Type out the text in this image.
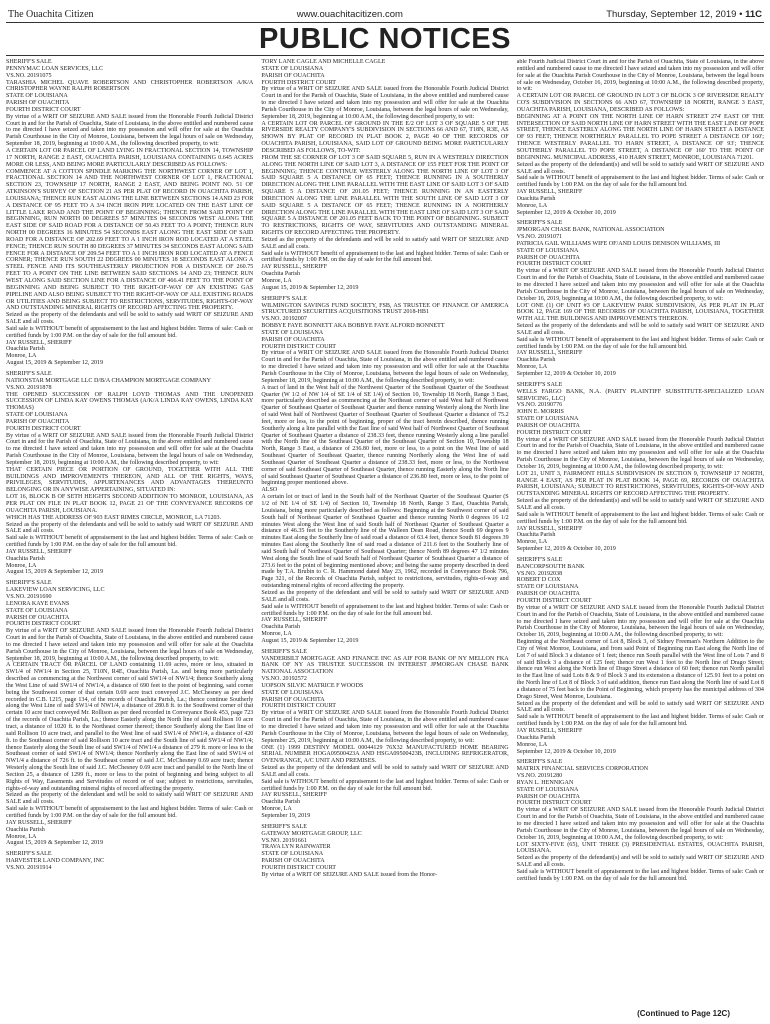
The Ouachita Citizen	www.ouachitacitizen.com	Thursday, September 12, 2019 • 11C
PUBLIC NOTICES

SHERIFF'S SALE

PENNYMAC LOAN SERVICES, LLC

VS.NO. 20191075

TARASHIA MICHEL QUAVE ROBERTSON AND CHRISTOPHER ROBERTSON A/K/A CHRISTOPHER WAYNE RALPH ROBERTSON

STATE OF LOUISIANA

PARISH OF OUACHITA

FOURTH DISTRICT COURT

By virtue of a WRIT OF SEIZURE AND SALE issued from the Honorable Fourth Judicial District Court in and for the Parish of Ouachita, State of Louisiana, in the above entitled and numbered cause to me directed I have seized and taken into my possession and will offer for sale at the Ouachita Parish Courthouse in the City of Monroe, Louisiana, between the legal hours of sale on Wednesday, September 18, 2019, beginning at 10:00 A.M., the following described property, to wit:

A CERTAIN LOT OR PARCEL OF LAND LYING IN FRACTIONAL SECTION 14, TOWNSHIP 17 NORTH, RANGE 2 EAST, OUACHITA PARISH, LOUISIANA CONTAINING 0.645 ACRES MORE OR LESS, AND BEING MORE PARTICULARLY DESCRIBED AS FOLLOWS:

COMMENCE AT A COTTON SPINDLE MARKING THE NORTHWEST CORNER OF LOT 1, FRACTIONAL SECTION 14 AND THE NORTHWEST CORNER OF LOT 1, FRACTIONAL SECTION 23, TOWNSHIP 17 NORTH, RANGE 2 EAST, AND BEING POINT NO. 51 OF ATKINSON'S SURVEY OF SECTION 21 AS PER PLAT OF RECORD IN OUACHITA PARISH, LOUISIANA; THENCE RUN EAST ALONG THE LINE BETWEEN SECTIONS 14 AND 23 FOR A DISTANCE OF 95 FEET TO A 3/4 INCH IRON PIPE LOCATED ON THE EAST LINE OF LITTLE LAKE ROAD AND THE POINT OF BEGINNING; THENCE FROM SAID POINT OF BEGINNING, RUN NORTH 00 DEGREES 57 MINUTES 04 SECONDS WEST ALONG THE EAST SIDE OF SAID ROAD FOR A DISTANCE OF 50.43 FEET TO A POINT; THENCE RUN NORTH 00 DEGREES 16 MINUTES 54 SECONDS EAST ALONG THE EAST SIDE OF SAID ROAD FOR A DISTANCE OF 202.69 FEET TO A 1 INCH IRON ROD LOCATED AT A STEEL FENCE; THENCE RUN SOUTH 80 DEGREES 37 MINUTES 34 SECONDS EAST ALONG SAID FENCE FOR A DISTANCE OF 209.54 FEET TO A 1 INCH IRON ROD LOCATED AT A FENCE CORNER; THENCE RUN SOUTH 22 DEGREES 00 MINUTES 18 SECONDS EAST ALONG A STEEL FENCE AND ITS SOUTHEASTERLY PROJECTION FOR A DISTANCE OF 260.75 FEET TO A POINT ON THE LINE BETWEEN SAID SECTIONS 14 AND 23; THENCE RUN WEST ALONG SAID SECTION LINE FOR A DISTANCE OF 466.41 FEET TO THE POINT OF BEGINNING AND BEING SUBJECT TO THE RIGHT-OF-WAY OF AN EXISTING GAS PIPELINE AND ALSO BEING SUBJECT TO THE RIGHT-OF-WAY OF ALL EXISTING ROADS OR UTILITIES AND BEING SUBJECT TO RESTRICTIONS, SERVITUDES, RIGHTS-OF-WAY AND OUTSTANDING MINERAL RIGHTS OF RECORD AFFECTING THE PROPERTY.

Seized as the property of the defendants and will be sold to satisfy said WRIT OF SEIZURE AND SALE and all costs.

Said sale is WITHOUT benefit of appraisement to the last and highest bidder. Terms of sale: Cash or certified funds by 1:00 P.M. on the day of sale for the full amount bid.

JAY RUSSELL, SHERIFF

Ouachita Parish

Monroe, LA

August 15, 2019 & September 12, 2019

SHERIFF'S SALE

NATIONSTAR MORTGAGE LLC D/B/A CHAMPION MORTGAGE COMPANY

VS.NO. 20191878

THE OPENED SUCCESSION OF RALPH LOYD THOMAS AND THE UNOPENED SUCCESSION OF LINDA KAY OWENS THOMAS (A/K/A LINDA KAY OWENS, LINDA KAY THOMAS)

STATE OF LOUISIANA

PARISH OF OUACHITA

FOURTH DISTRICT COURT

By virtue of a WRIT OF SEIZURE AND SALE issued from the Honorable Fourth Judicial District Court in and for the Parish of Ouachita, State of Louisiana, in the above entitled and numbered cause to me directed I have seized and taken into my possession and will offer for sale at the Ouachita Parish Courthouse in the City of Monroe, Louisiana, between the legal hours of sale on Wednesday, September 18, 2019, beginning at 10:00 A.M., the following described property, to wit:

THAT CERTAIN PIECE OR PORTION OF GROUND, TOGETHER WITH ALL THE BUILDINGS AND IMPROVEMENTS THEREON, AND ALL OF THE RIGHTS, WAYS, PRIVILEGES, SERVITUDES, APPURTENANCES AND ADVANTAGES THEREUNTO BELONGING OR IN ANYWISE APPERTAINING, SITUATED IN:

LOT 16, BLOCK B OF SETH HEIGHTS SECOND ADDITION TO MONROE, LOUISIANA, AS PER PLAT ON FILE IN PLAT BOOK 12, PAGE 21 OF THE CONVEYANCE RECORDS OF OUACHITA PARISH, LOUISIANA.

WHICH HAS THE ADDRESS OF 903 EAST RIMES CIRCLE, MONROE, LA 71203.

Seized as the property of the defendants and will be sold to satisfy said WRIT OF SEIZURE AND SALE and all costs.

Said sale is WITHOUT benefit of appraisement to the last and highest bidder. Terms of sale: Cash or certified funds by 1:00 P.M. on the day of sale for the full amount bid.

JAY RUSSELL, SHERIFF

Ouachita Parish

Monroe, LA

August 15, 2019 & September 12, 2019

SHERIFF'S SALE

LAKEVIEW LOAN SERVICING, LLC

VS.NO. 20191690

LENORA KAYE EVANS

STATE OF LOUISIANA

PARISH OF OUACHITA

FOURTH DISTRICT COURT

By virtue of a WRIT OF SEIZURE AND SALE issued from the Honorable Fourth Judicial District Court in and for the Parish of Ouachita, State of Louisiana, in the above entitled and numbered cause to me directed I have seized and taken into my possession and will offer for sale at the Ouachita Parish Courthouse in the City of Monroe, Louisiana, between the legal hours of sale on Wednesday, September 18, 2019, beginning at 10:00 A.M., the following described property, to wit:

A CERTAIN TRACT OR PARCEL OF LAND containing 11.69 acres, more or less, situated in SW1/4 of NW1/4 in Section 25, T10N, R4E, Ouachita Parish, La. and being more particularly described as commencing at the Northwest corner of said SW1/4 of NW1/4; thence Southerly along the West Line of said SW1/4 of NW1/4, a distance of 690 feet to the point of beginning, said corner being the Southwest corner of that certain 0.69 acre tract conveyed J.C. McChesney as per deed recorded in C.B. 1215, page 134, of the records of Ouachita Parish, La.; thence continue Southerly along the West Line of said SW1/4 of NW1/4, a distance of 280.8 ft. to the Southwest corner of that certain 10 acre tract conveyed Mr. Rollison as per deed recorded in Conveyance Book 453, page 723 of the records of Ouachita Parish, La.; thence Easterly along the North line of said Rollison 10 acre tract, a distance of 1020 ft. to the Northeast corner thereof; thence Southerly along the East line of said Rollison 10 acre tract, and parallel to the West line of said SW1/4 of NW1/4, a distance of 420 ft. to the Southeast corner of said Rollison 10 acre tract and the South line of said SW1/4 of NW1/4; thence Easterly along the South line of said SW1/4 of NW1/4 a distance of 279 ft. more or less to the Southeast corner of said SW1/4 of NW1/4; thence Northerly along the East line of said SW1/4 of NW1/4 a distance of 726 ft. to the Southeast corner of said J.C. McChesney 0.69 acre tract; thence Westerly along the South line of said J.C. McChesney 0.69 acre tract and parallel to the North line of Section 25, a distance of 1299 ft., more or less to the point of beginning and being subject to all Rights of Way, Easements and Servitudes of record or of use; subject to restrictions, servitudes, rights-of-way and outstanding mineral rights of record affecting the property.

Seized as the property of the defendant and will be sold to satisfy said WRIT OF SEIZURE AND SALE and all costs.

Said sale is WITHOUT benefit of appraisement to the last and highest bidder. Terms of sale: Cash or certified funds by 1:00 P.M. on the day of sale for the full amount bid.

JAY RUSSELL, SHERIFF

Ouachita Parish

Monroe, LA

August 15, 2019 & September 12, 2019

SHERIFF'S SALE

HARVESTER LAND COMPANY, INC

VS.NO. 20191914

TORY LANE CAGLE AND MICHELLE CAGLE

STATE OF LOUISIANA

PARISH OF OUACHITA

FOURTH DISTRICT COURT

By virtue of a WRIT OF SEIZURE AND SALE issued from the Honorable Fourth Judicial District Court in and for the Parish of Ouachita, State of Louisiana, in the above entitled and numbered cause to me directed I have seized and taken into my possession and will offer for sale at the Ouachita Parish Courthouse in the City of Monroe, Louisiana, between the legal hours of sale on Wednesday, September 18, 2019, beginning at 10:00 A.M., the following described property, to wit:

A CERTAIN LOT OR PARCEL OF GROUND IN THE E/2 OF LOT 3 OF SQUARE 5 OF THE RIVERSIDE REALTY COMPANY'S SUBDIVISION IN SECTIONS 66 AND 67, T18N, R3E, AS SHOWN BY PLAT OF RECORD IN PLAT BOOK 2, PAGE 40 OF THE RECORDS OF OUACHITA PARISH, LOUISIANA, SAID LOT OF GROUND BEING MORE PARTICULARLY DESCRIBED AS FOLLOWS, TO-WIT:

FROM THE SE CORNER OF LOT 3 OF SAID SQUARE 5, RUN IN A WESTERLY DIRECTION ALONG THE NORTH LINE OF SAID LOT 3, A DISTANCE OF 155 FEET FOR THE POINT OF BEGINNING; THENCE CONTINUE WESTERLY ALONG THE NORTH LINE OF LOT 3 OF SAID SQUARE 5 A DISTANCE OF 65 FEET; THENCE RUNNING IN A SOUTHERLY DIRECTION ALONG THE LINE PARALLEL WITH THE EAST LINE OF SAID LOT 3 OF SAID SQUARE 5 A DISTANCE OF 201.05 FEET; THENCE RUNNING IN AN EASTERLY DIRECTION ALONG THE LINE PARALLEL WITH THE SOUTH LINE OF SAID LOT 3 OF SAID SQUARE 5 A DISTANCE OF 65 FEET; THENCE RUNNING IN A NORTHERLY DIRECTION ALONG THE LINE PARALLEL WITH THE EAST LINE OF SAID LOT 3 OF SAID SQUARE 5 A DISTANCE OF 201.05 FEET BACK TO THE POINT OF BEGINNING. SUBJECT TO RESTRICTIONS, RIGHTS OF WAY, SERVITUDES AND OUTSTANDING MINERAL RIGHTS OF RECORD AFFECTING THE PROPERTY.

Seized as the property of the defendants and will be sold to satisfy said WRIT OF SEIZURE AND SALE and all costs.

Said sale is WITHOUT benefit of appraisement to the last and highest bidder. Terms of sale: Cash or certified funds by 1:00 P.M. on the day of sale for the full amount bid.

JAY RUSSELL, SHERIFF

Ouachita Parish

Monroe, LA

August 15, 2019 & September 12, 2019

SHERIFF'S SALE

WILMINGTON SAVINGS FUND SOCIETY, FSB, AS TRUSTEE OF FINANCE OF AMERICA STRUCTURED SECURITIES ACQUISITIONS TRUST 2018-HB1

VS.NO. 20192007

BOBBYE FAYE BONNETT AKA BOBBYE FAYE ALFORD BONNETT

STATE OF LOUISIANA

PARISH OF OUACHITA

FOURTH DISTRICT COURT

By virtue of a WRIT OF SEIZURE AND SALE issued from the Honorable Fourth Judicial District Court in and for the Parish of Ouachita, State of Louisiana, in the above entitled and numbered cause to me directed I have seized and taken into my possession and will offer for sale at the Ouachita Parish Courthouse in the City of Monroe, Louisiana, between the legal hours of sale on Wednesday, September 18, 2019, beginning at 10:00 A.M., the following described property, to wit:

A tract of land in the West half of the Northwest Quarter of the Southeast Quarter of the Southeast Quarter (W 1/2 of NW 1/4 of SE 1/4 of SE 1/4) of Section 10, Township 18 North, Range 3 East, more particularly described as commencing at the Northeast corner of said West half of Northwest Quarter of Southeast Quarter of Southeast Quarter and thence running Westerly along the North line of said West half of Northwest Quarter of Southeast Quarter of Southeast Quarter a distance of 75.2 feet, more or less, to the point of beginning, proper of the tract herein described, thence running Southerly along a line parallel with the East line of said West half of Northwest Quarter of Southeast Quarter of Southeast Quarter a distance of 238.33 feet, thence running Westerly along a line parallel with the North line of the Southeast Quarter of the Southeast Quarter of Section 10, Township 18 North, Range 3 East, a distance of 236.80 feet, more or less, to a point on the West line of said Southeast Quarter of Southeast Quarter, thence running Northerly along the West line of said Southeast Quarter of Southeast Quarter a distance of 238.33 feet, more or less, to the Northwest corner of said Southeast Quarter of Southeast Quarter, thence running Easterly along the North line of said Southeast Quarter of Southeast Quarter a distance of 236.80 feet, more or less, to the point of beginning proper mentioned above.

ALSO

A certain lot or tract of land in the South half of the Northeast Quarter of the Southeast Quarter (S 1/2 of NE 1/4 of SE 1/4) of Section 10, Township 18 North, Range 3 East, Ouachita Parish, Louisiana, being more particularly described as follows: Beginning at the Southwest corner of said South half of Northeast Quarter of Southeast Quarter and thence running North 0 degrees 16 1/2 minutes West along the West line of said South half of Northeast Quarter of Southeast Quarter a distance of 46.35 feet to the Southerly line of the Walleen Dean Road, thence South 69 degrees 9 minutes East along the Southerly line of said road a distance of 63.4 feet, thence South 81 degrees 39 minutes East along the Southerly line of said road a distance of 211.6 feet to the Southerly line of said South half of Northeast Quarter of Southeast Quarter; thence North 89 degrees 47 1/2 minutes West along the South line of said South half of Northeast Quarter of Southeast Quarter a distance of 273.6 feet to the point of beginning mentioned above; and being the same property described in deed made by T.A. Brubin to C. R. Hammond dated May 23, 1962, recorded in Conveyance Book 796, Page 321, of the Records of Ouachita Parish, subject to restrictions, servitudes, rights-of-way and outstanding mineral rights of record affecting the property.

Seized as the property of the defendant and will be sold to satisfy said WRIT OF SEIZURE AND SALE and all costs.

Said sale is WITHOUT benefit of appraisement to the last and highest bidder. Terms of sale: Cash or certified funds by 1:00 P.M. on the day of sale for the full amount bid.

JAY RUSSELL, SHERIFF

Ouachita Parish

Monroe, LA

August 15, 2019 & September 12, 2019

SHERIFF'S SALE

VANDERBILT MORTGAGE AND FINANCE INC AS AIF FOR BANK OF NY MELLON FKA BANK OF NY AS TRUSTEE SUCCESSOR IN INTEREST JPMORGAN CHASE BANK NATIONAL ASSOCIATION

VS.NO. 20192572

UOPSON SILVIC MATRICE F WOODS

STATE OF LOUISIANA

PARISH OF OUACHITA

FOURTH DISTRICT COURT

By virtue of a WRIT OF SEIZURE AND SALE issued from the Honorable Fourth Judicial District Court in and for the Parish of Ouachita, State of Louisiana, in the above entitled and numbered cause to me directed I have seized and taken into my possession and will offer for sale at the Ouachita Parish Courthouse in the City of Monroe, Louisiana, between the legal hours of sale on Wednesday, September 25, 2019, beginning at 10:00 A.M., the following described property, to wit:

ONE (1) 1999 DESTINY MODEL 00044129 76X32 MANUFACTURED HOME BEARING SERIAL NUMBER HOGA09500423A AND HSGA09500423B, INCLUDING REFRIGERATOR, OVEN/RANGE, A/C UNIT AND PREMISES.

Seized as the property of the defendant and will be sold to satisfy said WRIT OF SEIZURE AND SALE and all costs.

Said sale is WITHOUT benefit of appraisement to the last and highest bidder. Terms of sale: Cash or certified funds by 1:00 P.M. on the day of sale for the full amount bid.

JAY RUSSELL, SHERIFF

Ouachita Parish

Monroe, LA

September 19, 2019

SHERIFF'S SALE

GATEWAY MORTGAGE GROUP, LLC

VS.NO. 20191661

TRAVA LYN RAINWATER

STATE OF LOUISIANA

PARISH OF OUACHITA

FOURTH DISTRICT COURT

By virtue of a WRIT OF SEIZURE AND SALE issued from the Honor-

able Fourth Judicial District Court in and for the Parish of Ouachita, State of Louisiana, in the above entitled and numbered cause to me directed I have seized and taken into my possession and will offer for sale at the Ouachita Parish Courthouse in the City of Monroe, Louisiana, between the legal hours of sale on Wednesday, October 16, 2019, beginning at 10:00 A.M., the following described property, to wit:

A CERTAIN LOT OR PARCEL OF GROUND IN LOT 3 OF BLOCK 3 OF RIVERSIDE REALTY CO'S SUBDIVISION IN SECTIONS 66 AND 67, TOWNSHIP 18 NORTH, RANGE 3 EAST, OUACHITA PARISH, LOUISIANA, DESCRIBED AS FOLLOWS:

BEGINNING AT A POINT ON THE NORTH LINE OF HARN STREET 274' EAST OF THE INTERSECTION OF SAID NORTH LINE OF HARN STREET WITH THE EAST LINE OF POPE STREET, THENCE EASTERLY ALONG THE NORTH LINE OF HARN STREET A DISTANCE OF 93 FEET; THENCE NORTHERLY PARALLEL TO POPE STREET A DISTANCE OF 160'; THENCE WESTERLY PARALLEL TO HARN STREET, A DISTANCE OF 93'; THENCE SOUTHERLY PARALLEL TO POPE STREET, A DISTANCE OF 160' TO THE POINT OF BEGINNING. MUNICIPAL ADDRESS, 410 HARN STREET, MONROE, LOUISIANA 71201.

Seized as the property of the defendant(s) and will be sold to satisfy said WRIT OF SEIZURE AND SALE and all costs.

Said sale is WITHOUT benefit of appraisement to the last and highest bidder. Terms of sale: Cash or certified funds by 1:00 P.M. on the day of sale for the full amount bid.

JAY RUSSELL, SHERIFF

Ouachita Parish

Monroe, LA

September 12, 2019 & October 10, 2019

SHERIFF'S SALE

JPMORGAN CHASE BANK, NATIONAL ASSOCIATION

VS.NO. 20191071

PATRICIA GAIL WILLIAMS WIFE OF/AND LOUIS DENISON WILLIAMS, III

STATE OF LOUISIANA

PARISH OF OUACHITA

FOURTH DISTRICT COURT

By virtue of a WRIT OF SEIZURE AND SALE issued from the Honorable Fourth Judicial District Court in and for the Parish of Ouachita, State of Louisiana, in the above entitled and numbered cause to me directed I have seized and taken into my possession and will offer for sale at the Ouachita Parish Courthouse in the City of Monroe, Louisiana, between the legal hours of sale on Wednesday, October 16, 2019, beginning at 10:00 A.M., the following described property, to wit:

LOT ONE (1) OF UNIT #3 OF LAKEVIEW PARK SUBDIVISION, AS PER PLAT IN PLAT BOOK 12, PAGE 169 OF THE RECORDS OF OUACHITA PARISH, LOUISIANA, TOGETHER WITH ALL THE BUILDINGS AND IMPROVEMENTS THEREON.

Seized as the property of the defendants and will be sold to satisfy said WRIT OF SEIZURE AND SALE and all costs.

Said sale is WITHOUT benefit of appraisement to the last and highest bidder. Terms of sale: Cash or certified funds by 1:00 P.M. on the day of sale for the full amount bid.

JAY RUSSELL, SHERIFF

Ouachita Parish

Monroe, LA

September 12, 2019 & October 10, 2019

SHERIFF'S SALE

WELLS FARGO BANK, N.A. (PARTY PLAINTIFF SUBSTITUTE-SPECIALIZED LOAN SERVICING, LLC)

VS.NO. 20190776

JOHN E. MORRIS

STATE OF LOUISIANA

PARISH OF OUACHITA

FOURTH DISTRICT COURT

By virtue of a WRIT OF SEIZURE AND SALE issued from the Honorable Fourth Judicial District Court in and for the Parish of Ouachita, State of Louisiana, in the above entitled and numbered cause to me directed I have seized and taken into my possession and will offer for sale at the Ouachita Parish Courthouse in the City of Monroe, Louisiana, between the legal hours of sale on Wednesday, October 16, 2019, beginning at 10:00 A.M., the following described property, to wit:

LOT 21, UNIT 3, FAIRMONT HILLS SUBDIVISION IN SECTION 9, TOWNSHIP 17 NORTH, RANGE 4 EAST, AS PER PLAT IN PLAT BOOK 14, PAGE 69, RECORDS OF OUACHITA PARISH, LOUISIANA; SUBJECT TO RESTRICTIONS, SERVITUDES, RIGHTS-OF-WAY AND OUTSTANDING MINERAL RIGHTS OF RECORD AFFECTING THE PROPERTY.

Seized as the property of the defendant(s) and will be sold to satisfy said WRIT OF SEIZURE AND SALE and all costs.

Said sale is WITHOUT benefit of appraisement to the last and highest bidder. Terms of sale: Cash or certified funds by 1:00 P.M. on the day of sale for the full amount bid.

JAY RUSSELL, SHERIFF

Ouachita Parish

Monroe, LA

September 12, 2019 & October 10, 2019

SHERIFF'S SALE

BANCORPSOUTH BANK

VS.NO. 20192038

ROBERT D COX

STATE OF LOUISIANA

PARISH OF OUACHITA

FOURTH DISTRICT COURT

By virtue of a WRIT OF SEIZURE AND SALE issued from the Honorable Fourth Judicial District Court in and for the Parish of Ouachita, State of Louisiana, in the above entitled and numbered cause to me directed I have seized and taken into my possession and will offer for sale at the Ouachita Parish Courthouse in the City of Monroe, Louisiana, between the legal hours of sale on Wednesday, October 16, 2019, beginning at 10:00 A.M., the following described property, to wit:

Beginning at the Northeast corner of Lot 8, Block 3, of Sidney Freeman's Northern Addition to the City of West Monroe, Louisiana, and from said Point of Beginning run East along the North line of Lot 7 of said Block 3 a distance of 1 feet; thence run South parallel with the West line of Lots 7 and 8 of said Block 3 a distance of 125 feet; thence run West 1 foot to the North line of Drago Street; thence run West along the North line of Drago Street a distance of 60 feet; thence run North parallel to the East line of said Lots 8 & 9 of Block 3 and its extension a distance of 125.91 feet to a point on the North line of Lot 8 of Block 3 of said addition, thence run East along the North line of said Lot 8 a distance of 75 feet back to the Point of Beginning, which property has the municipal address of 304 Drago Street, West Monroe, Louisiana.

Seized as the property of the defendant and will be sold to satisfy said WRIT OF SEIZURE AND SALE and all costs.

Said sale is WITHOUT benefit of appraisement to the last and highest bidder. Terms of sale: Cash or certified funds by 1:00 P.M. on the day of sale for the full amount bid.

JAY RUSSELL, SHERIFF

Ouachita Parish

Monroe, LA

September 12, 2019 & October 10, 2019

SHERIFF'S SALE

MATRIX FINANCIAL SERVICES CORPORATION

VS.NO. 20191280

RYAN L. HENNIGAN

STATE OF LOUISIANA

PARISH OF OUACHITA

FOURTH DISTRICT COURT

By virtue of a WRIT OF SEIZURE AND SALE issued from the Honorable Fourth Judicial District Court in and for the Parish of Ouachita, State of Louisiana, in the above entitled and numbered cause to me directed I have seized and taken into my possession and will offer for sale at the Ouachita Parish Courthouse in the City of Monroe, Louisiana, between the legal hours of sale on Wednesday, October 16, 2019, beginning at 10:00 A.M., the following described property, to wit:

LOT SIXTY-FIVE (65), UNIT THREE (3) PRESIDENTIAL ESTATES, OUACHITA PARISH, LOUISIANA.

Seized as the property of the defendant(s) and will be sold to satisfy said WRIT OF SEIZURE AND SALE and all costs.

Said sale is WITHOUT benefit of appraisement to the last and highest bidder. Terms of sale: Cash or certified funds by 1:00 P.M. on the day of sale for the full amount bid.

(Continued to Page 12C)
